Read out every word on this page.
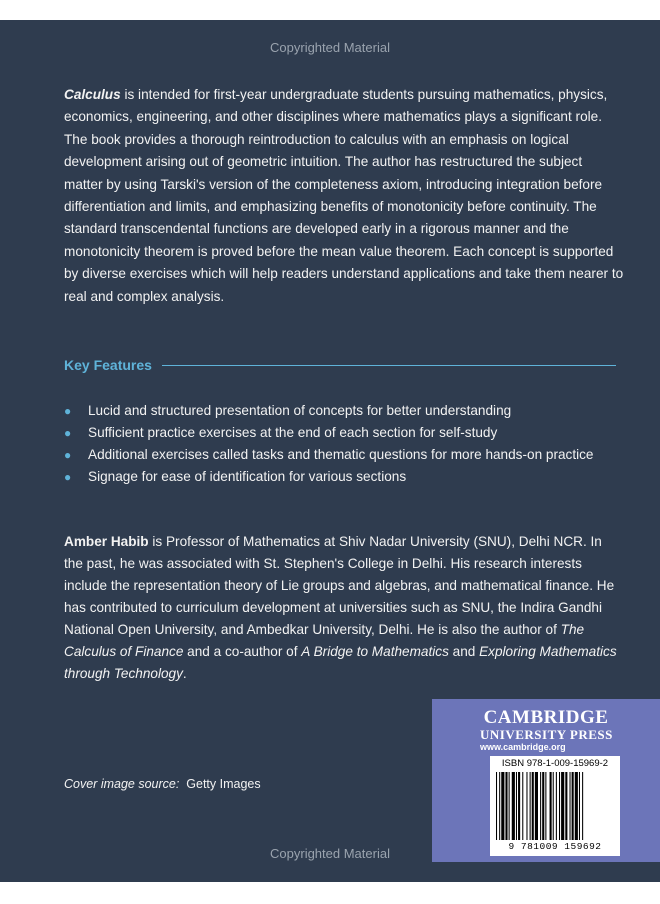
Copyrighted Material
Calculus is intended for first-year undergraduate students pursuing mathematics, physics, economics, engineering, and other disciplines where mathematics plays a significant role. The book provides a thorough reintroduction to calculus with an emphasis on logical development arising out of geometric intuition. The author has restructured the subject matter by using Tarski's version of the completeness axiom, introducing integration before differentiation and limits, and emphasizing benefits of monotonicity before continuity. The standard transcendental functions are developed early in a rigorous manner and the monotonicity theorem is proved before the mean value theorem. Each concept is supported by diverse exercises which will help readers understand applications and take them nearer to real and complex analysis.
Key Features
●	Lucid and structured presentation of concepts for better understanding
●	Sufficient practice exercises at the end of each section for self-study
●	Additional exercises called tasks and thematic questions for more hands-on practice
●	Signage for ease of identification for various sections
Amber Habib is Professor of Mathematics at Shiv Nadar University (SNU), Delhi NCR. In the past, he was associated with St. Stephen's College in Delhi. His research interests include the representation theory of Lie groups and algebras, and mathematical finance. He has contributed to curriculum development at universities such as SNU, the Indira Gandhi National Open University, and Ambedkar University, Delhi. He is also the author of The Calculus of Finance and a co-author of A Bridge to Mathematics and Exploring Mathematics through Technology.
Cover image source: Getty Images
Copyrighted Material
CAMBRIDGE
UNIVERSITY PRESS
www.cambridge.org
ISBN 978-1-009-15969-2
9 781009 159692
